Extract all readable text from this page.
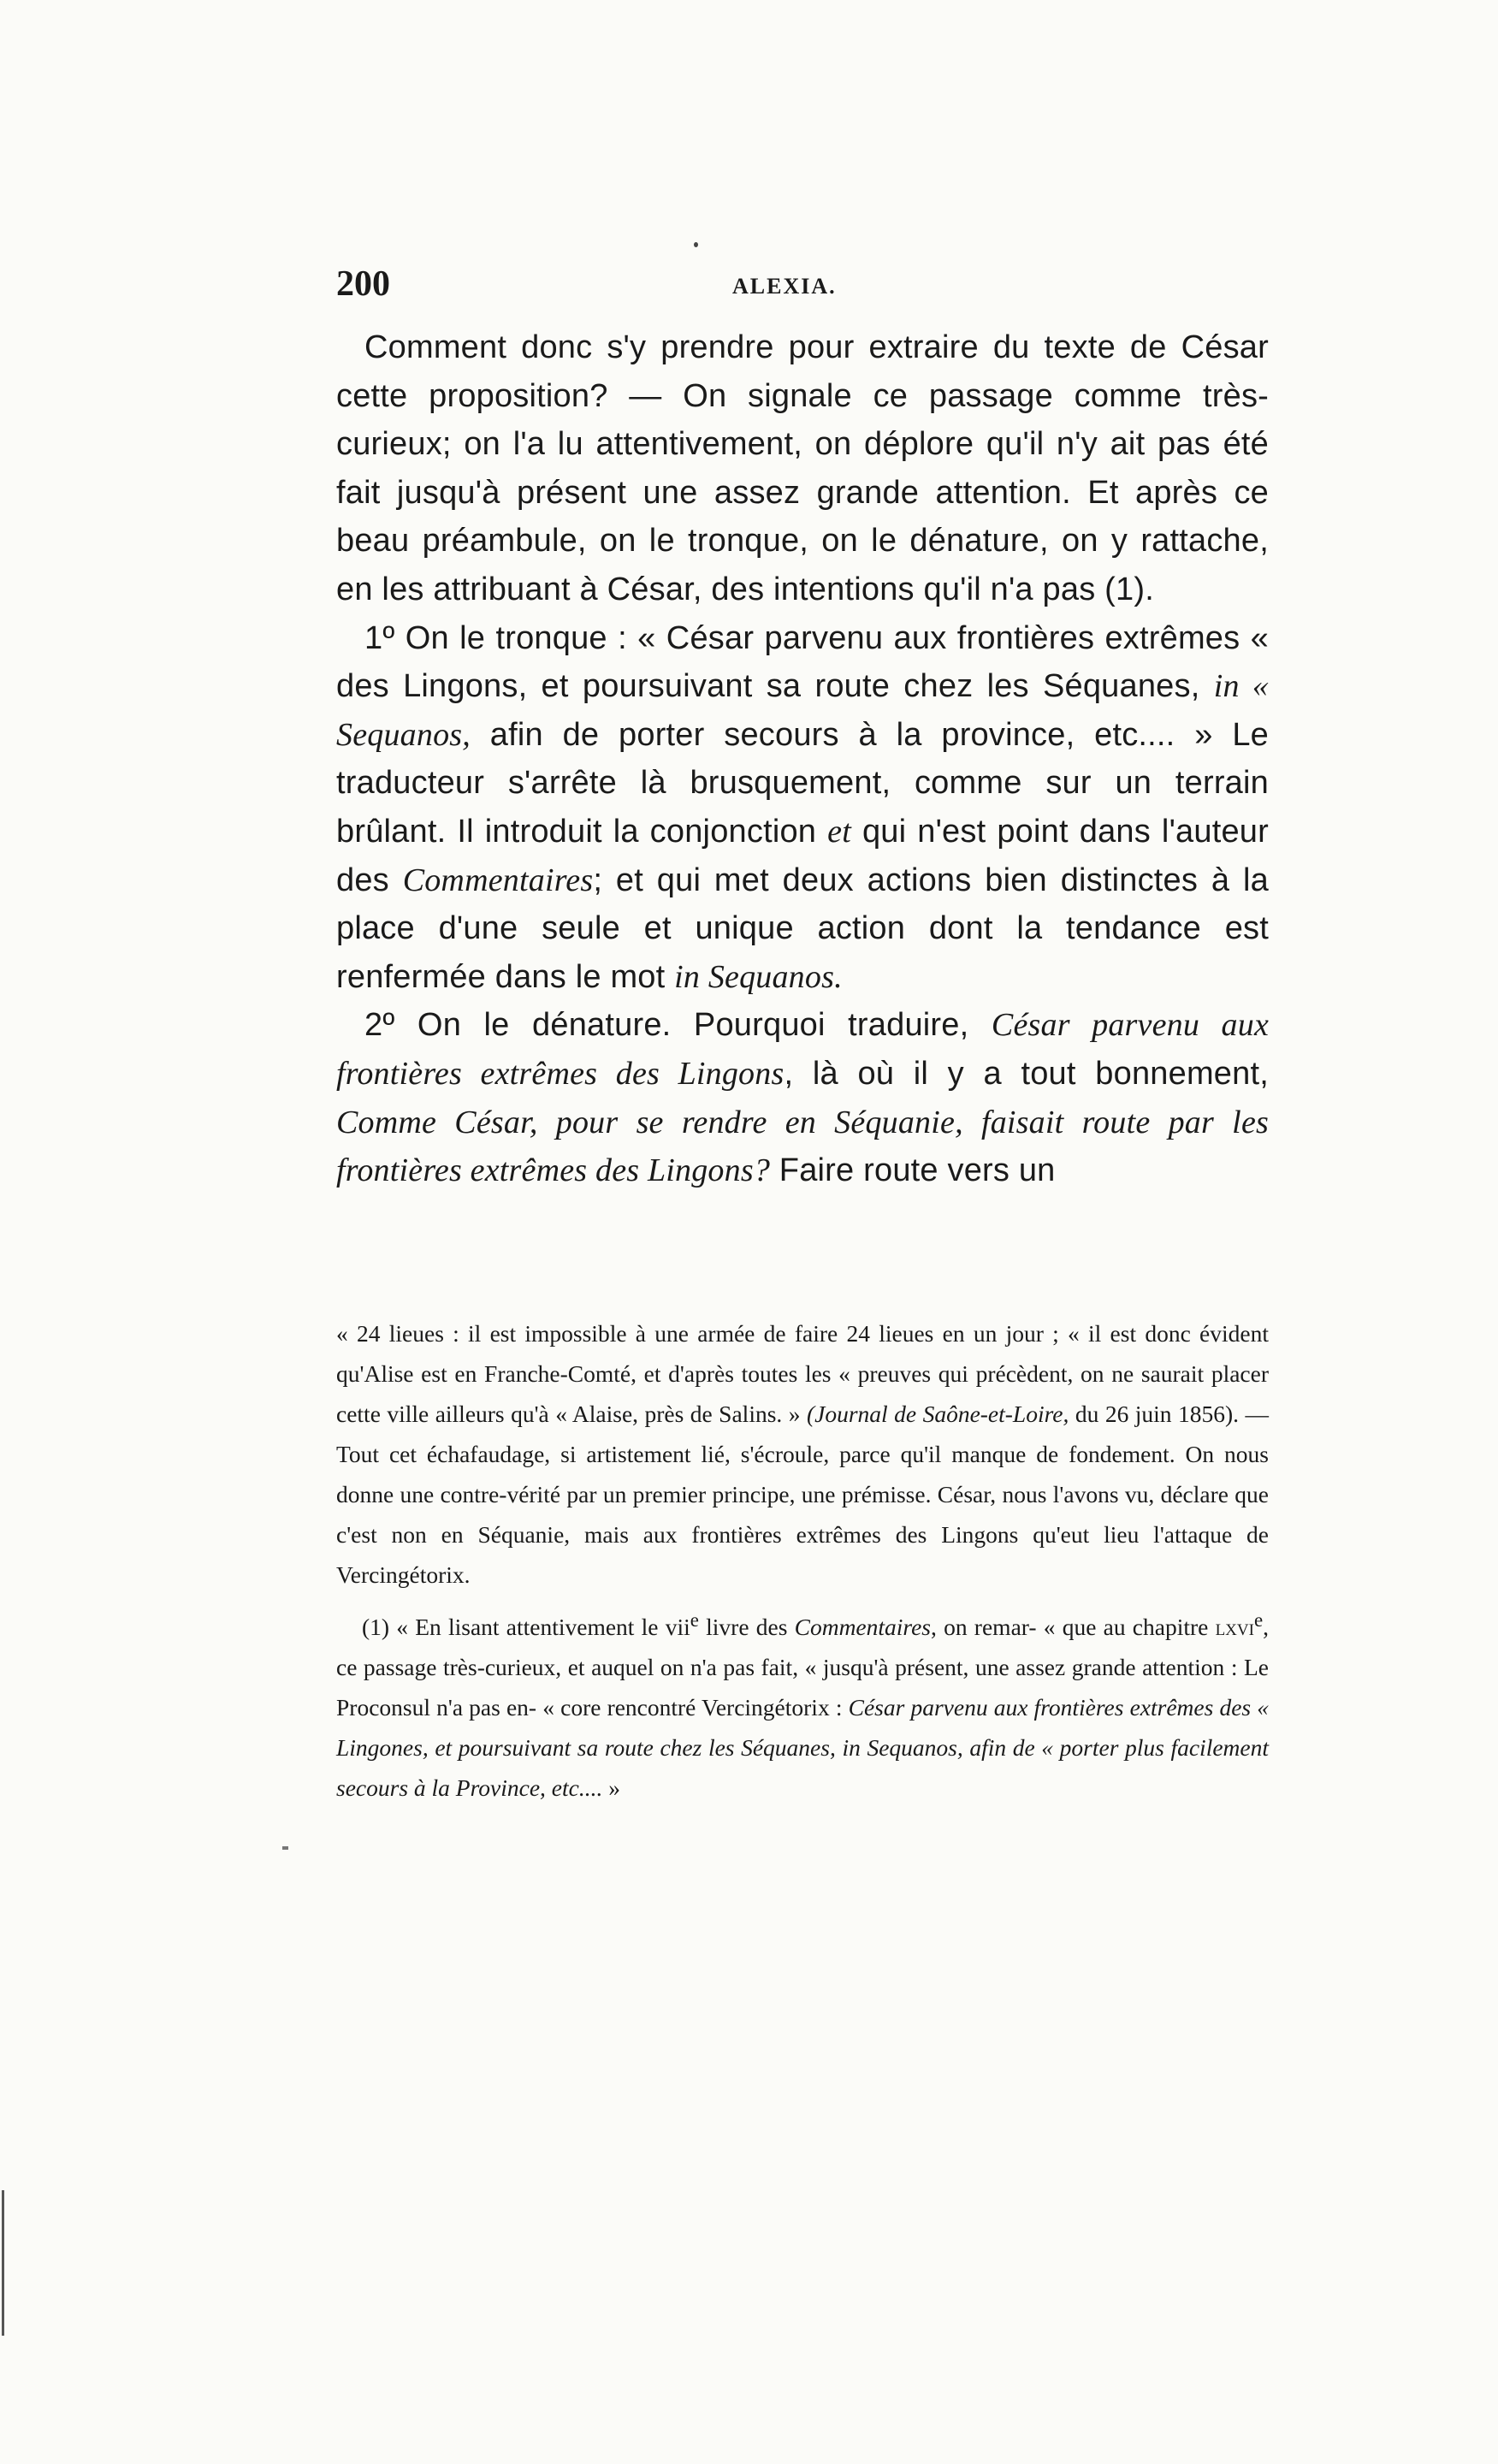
200	ALEXIA.

Comment donc s'y prendre pour extraire du texte de César cette proposition? — On signale ce passage comme très-curieux; on l'a lu attentivement, on déplore qu'il n'y ait pas été fait jusqu'à présent une assez grande attention. Et après ce beau préambule, on le tronque, on le dénature, on y rattache, en les attribuant à César, des intentions qu'il n'a pas (1).

1º On le tronque : « César parvenu aux frontières extrêmes « des Lingons, et poursuivant sa route chez les Séquanes, in « Sequanos, afin de porter secours à la province, etc.... » Le traducteur s'arrête là brusquement, comme sur un terrain brûlant. Il introduit la conjonction et qui n'est point dans l'auteur des Commentaires; et qui met deux actions bien distinctes à la place d'une seule et unique action dont la tendance est renfermée dans le mot in Sequanos.

2º On le dénature. Pourquoi traduire, César parvenu aux frontières extrêmes des Lingons, là où il y a tout bonnement, Comme César, pour se rendre en Séquanie, faisait route par les frontières extrêmes des Lingons? Faire route vers un

« 24 lieues : il est impossible à une armée de faire 24 lieues en un jour ; « il est donc évident qu'Alise est en Franche-Comté, et d'après toutes les « preuves qui précèdent, on ne saurait placer cette ville ailleurs qu'à « Alaise, près de Salins. » (Journal de Saône-et-Loire, du 26 juin 1856). — Tout cet échafaudage, si artistement lié, s'écroule, parce qu'il manque de fondement. On nous donne une contre-vérité par un premier principe, une prémisse. César, nous l'avons vu, déclare que c'est non en Séquanie, mais aux frontières extrêmes des Lingons qu'eut lieu l'attaque de Vercingétorix.

(1) « En lisant attentivement le vii$^e$ livre des Commentaires, on remar- « que au chapitre lxvi$^e$, ce passage très-curieux, et auquel on n'a pas fait, « jusqu'à présent, une assez grande attention : Le Proconsul n'a pas en- « core rencontré Vercingétorix : César parvenu aux frontières extrêmes des « Lingones, et poursuivant sa route chez les Séquanes, in Sequanos, afin de « porter plus facilement secours à la Province, etc.... »
